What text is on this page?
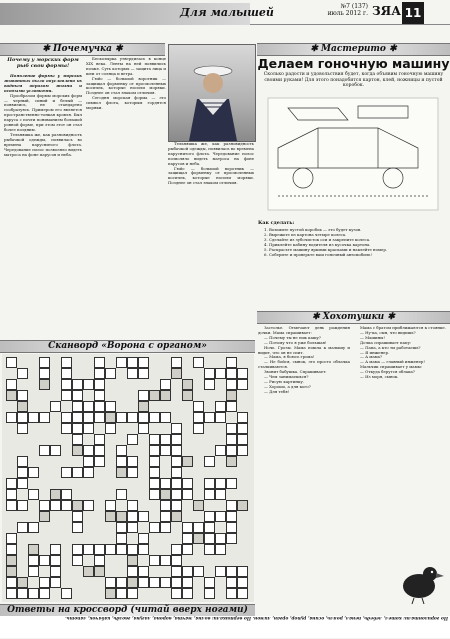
Для малышей	№7 (137)
июль 2012 г. ЗЯА 11
✱ Почемучка ✱
Почему у морских форм рыб свои формы!

Появление формы у морских животных было обусловлено их водным образом жизни и особыми условиями.

Прообразом формы морских форм — черный, синий и белый — появились, не стандартно сообразуясь. Примером его является пространственно-тонкая кровля. Был паруса с почти пониманием большой ровной форме, при этом этот он стал более поздним.

Тельняшка же, как разновидность рыбачкой одежды, появилась во времена паруснитого флота. Чередование полос позволяло видеть матроса на фоне парусов и неба.

Бескозырка утвердилась в конце XIX века. Ленты на ней появились позже. Суть которых — защита лица и шеи от солнца и ветра.

Гюйс — большой воротник — защищал форменку от просмоленных косичек, которые носили моряки. Позднее он стал знаком отличия.

Сегодня морская форма — это символ флота, которым гордятся моряки.

Тельняшка же, как разновидность рыбачкой одежды, появилась во времена паруснитого флота. Чередование полос позволяло видеть матроса на фоне парусов и неба.

Гюйс — большой воротник — защищал форменку от просмоленных косичек, которые носили моряки. Позднее он стал знаком отличия.

✱ Мастерито ✱
Делаем гоночную машину
Сколько радости и удовольствия будет, когда объявим гоночную машину своими руками! Для этого понадобится картон, клей, ножницы и пустой коробок.
Как сделать:

1. Возьмите пустой коробок — это будет кузов.

2. Вырежьте из картона четыре колеса.

3. Сделайте из зубочисток оси и закрепите колеса.

4. Приклейте кабину водителя из кусочка картона.

5. Раскрасьте машину яркими красками и наклейте номер.

6. Соберите и проверьте ваш гоночный автомобиль!

✱ Хохотушки ✱
Сканворд «Ворона с органом»

Застолье. Отмечают день рождения дочки. Мама спрашивает:

— Почему ты не ешь кашу?

— Потому что я уже большая!

Ночь. Грозы. Мама пошла к малышу и видит, что он не спит.

— Мама, я боюсь грома!

— Не бойся, сынок, это просто облачка сталкиваются.

Звонит бабушка. Спрашивает:

— Чем занимаешься?

— Рисую картинку.

— Хорошо, а для кого?

— Для тебя!

Мама с братом приближаются к стоянке.

— Ну-ка, сын, что видишь?

— Машины!

Дочка спрашивает папу:

— Папа, а кто ты работаешь?

— Я инженер.

— А мама?

— А мама — главный инженер!

Мальчик спрашивает у мамы:

— Откуда берутся облака?

— Из моря, сынок.

Ответы на кроссворд (читай вверх ногами)
По горизонтали: котел, лебедь, пенал, рояль, осина, рупор, орган, лимон. По вертикали: волна, мачта, ворона, лагуна, гвоздь, кабачок, лапоть.
